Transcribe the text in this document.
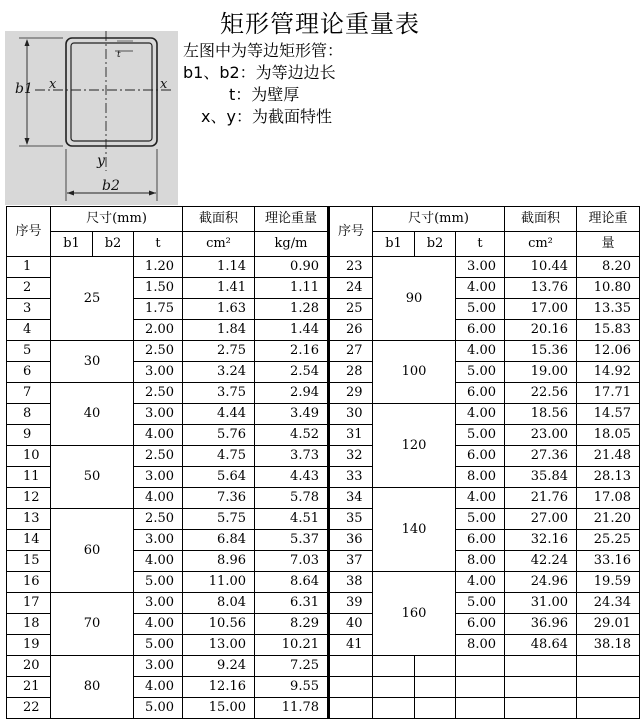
矩形管理论重量表
b1 x	x
y
t
b2
左图中为等边矩形管：
b1、b2：为等边边长
t：为壁厚
x、y：为截面特性
序号	尺寸(mm)			截面积	理论重量	序号	尺寸(mm)			截面积	理论重
	b1	b2	t	cm²	kg/m		b1	b2	t	cm²	量
1	25		1.20	1.14	0.90	23	90		3.00	10.44	8.20
2			1.50	1.41	1.11	24			4.00	13.76	10.80
3			1.75	1.63	1.28	25			5.00	17.00	13.35
4			2.00	1.84	1.44	26			6.00	20.16	15.83
5	30		2.50	2.75	2.16	27	100		4.00	15.36	12.06
6			3.00	3.24	2.54	28			5.00	19.00	14.92
7	40		2.50	3.75	2.94	29			6.00	22.56	17.71
8			3.00	4.44	3.49	30	120		4.00	18.56	14.57
9			4.00	5.76	4.52	31			5.00	23.00	18.05
10	50		2.50	4.75	3.73	32			6.00	27.36	21.48
11			3.00	5.64	4.43	33			8.00	35.84	28.13
12			4.00	7.36	5.78	34	140		4.00	21.76	17.08
13	60		2.50	5.75	4.51	35			5.00	27.00	21.20
14			3.00	6.84	5.37	36			6.00	32.16	25.25
15			4.00	8.96	7.03	37			8.00	42.24	33.16
16			5.00	11.00	8.64	38	160		4.00	24.96	19.59
17	70		3.00	8.04	6.31	39			5.00	31.00	24.34
18			4.00	10.56	8.29	40			6.00	36.96	29.01
19			5.00	13.00	10.21	41			8.00	48.64	38.18
20	80		3.00	9.24	7.25						
21			4.00	12.16	9.55						
22			5.00	15.00	11.78						
